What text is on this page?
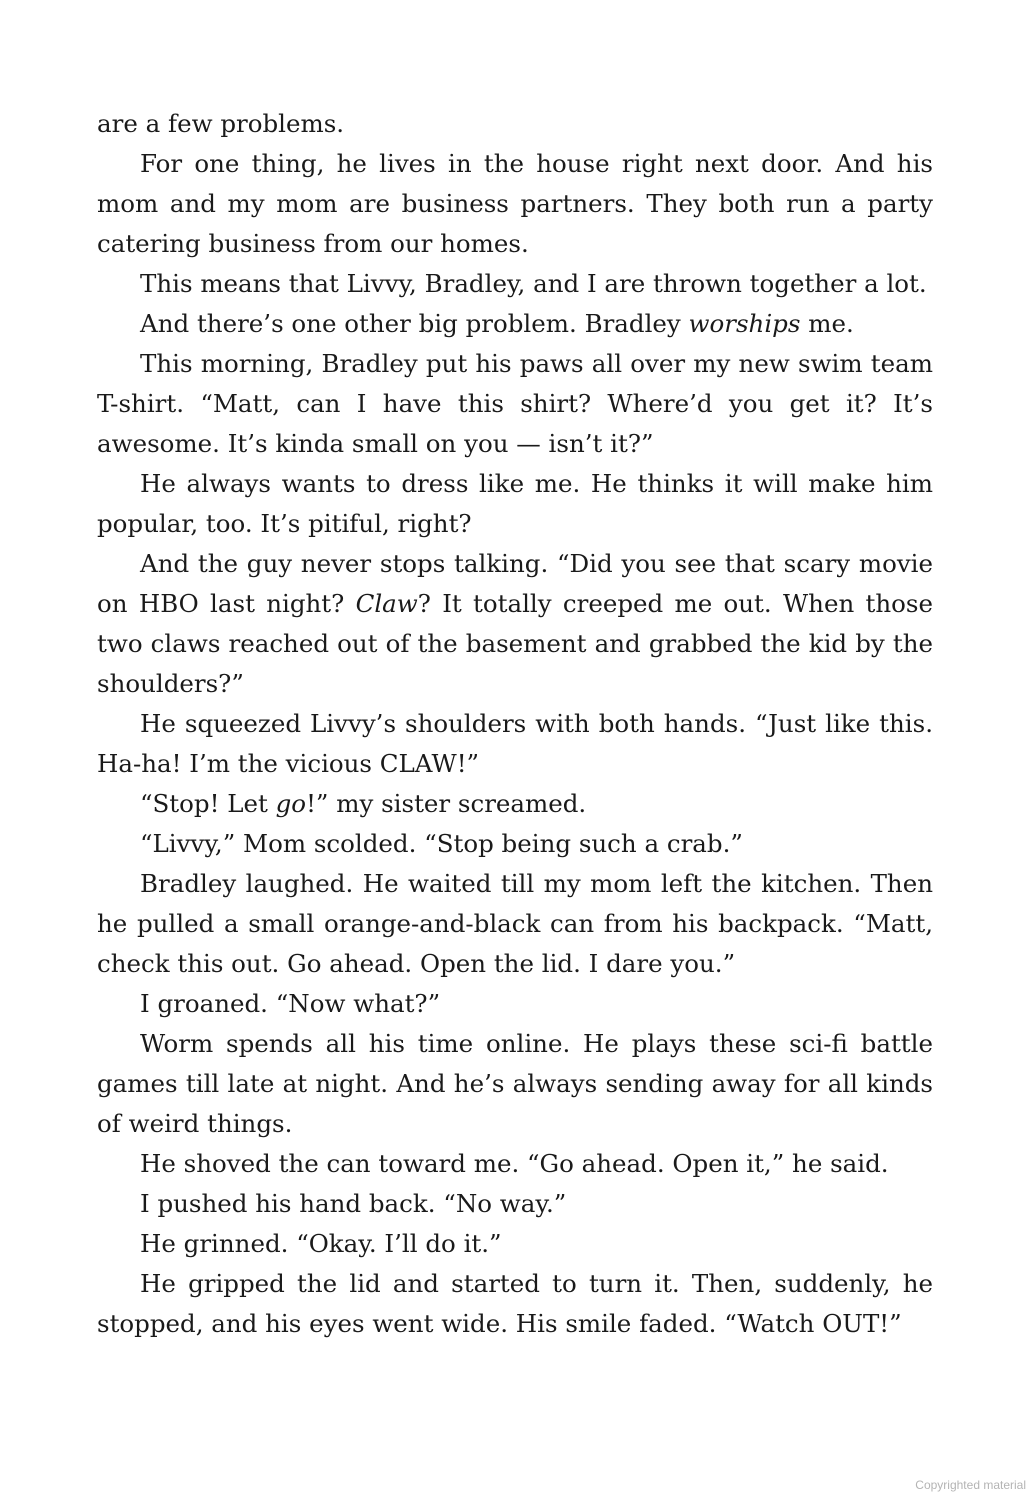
are a few problems.

For one thing, he lives in the house right next door. And his mom and my mom are business partners. They both run a party catering business from our homes.

This means that Livvy, Bradley, and I are thrown together a lot.

And there’s one other big problem. Bradley worships me.

This morning, Bradley put his paws all over my new swim team T-shirt. “Matt, can I have this shirt? Where’d you get it? It’s awesome. It’s kinda small on you — isn’t it?”

He always wants to dress like me. He thinks it will make him popular, too. It’s pitiful, right?

And the guy never stops talking. “Did you see that scary movie on HBO last night? Claw? It totally creeped me out. When those two claws reached out of the basement and grabbed the kid by the shoulders?”

He squeezed Livvy’s shoulders with both hands. “Just like this. Ha-ha! I’m the vicious CLAW!”

“Stop! Let go!” my sister screamed.

“Livvy,” Mom scolded. “Stop being such a crab.”

Bradley laughed. He waited till my mom left the kitchen. Then he pulled a small orange-and-black can from his backpack. “Matt, check this out. Go ahead. Open the lid. I dare you.”

I groaned. “Now what?”

Worm spends all his time online. He plays these sci-fi battle games till late at night. And he’s always sending away for all kinds of weird things.

He shoved the can toward me. “Go ahead. Open it,” he said.

I pushed his hand back. “No way.”

He grinned. “Okay. I’ll do it.”

He gripped the lid and started to turn it. Then, suddenly, he stopped, and his eyes went wide. His smile faded. “Watch OUT!”

Copyrighted material
